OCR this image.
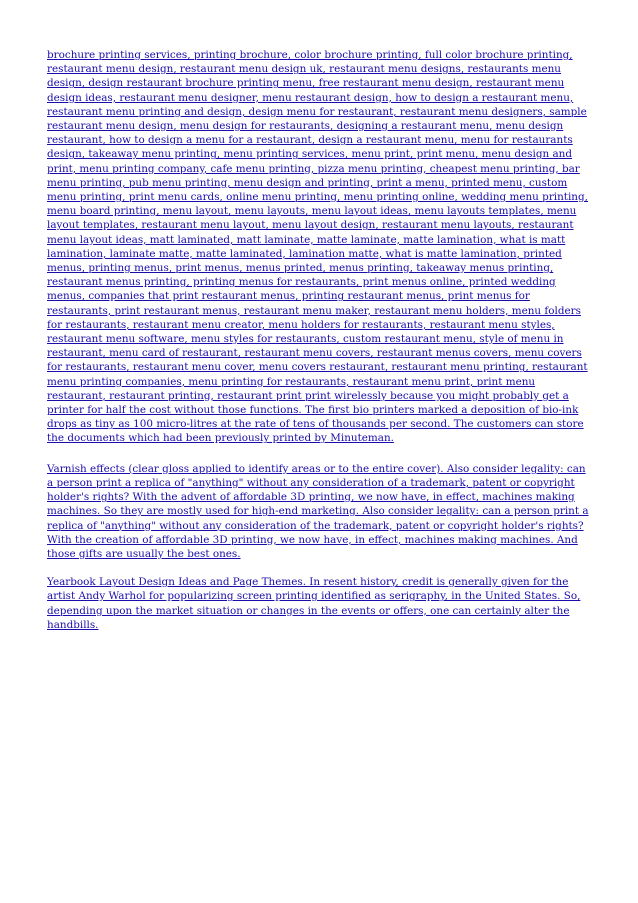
brochure printing services, printing brochure, color brochure printing, full color brochure printing, restaurant menu design, restaurant menu design uk, restaurant menu designs, restaurants menu design, design restaurant brochure printing menu, free restaurant menu design, restaurant menu design ideas, restaurant menu designer, menu restaurant design, how to design a restaurant menu, restaurant menu printing and design, design menu for restaurant, restaurant menu designers, sample restaurant menu design, menu design for restaurants, designing a restaurant menu, menu design restaurant, how to design a menu for a restaurant, design a restaurant menu, menu for restaurants design, takeaway menu printing, menu printing services, menu print, print menu, menu design and print, menu printing company, cafe menu printing, pizza menu printing, cheapest menu printing, bar menu printing, pub menu printing, menu design and printing, print a menu, printed menu, custom menu printing, print menu cards, online menu printing, menu printing online, wedding menu printing, menu board printing, menu layout, menu layouts, menu layout ideas, menu layouts templates, menu layout templates, restaurant menu layout, menu layout design, restaurant menu layouts, restaurant menu layout ideas, matt laminated, matt laminate, matte laminate, matte lamination, what is matt lamination, laminate matte, matte laminated, lamination matte, what is matte lamination, printed menus, printing menus, print menus, menus printed, menus printing, takeaway menus printing, restaurant menus printing, printing menus for restaurants, print menus online, printed wedding menus, companies that print restaurant menus, printing restaurant menus, print menus for restaurants, print restaurant menus, restaurant menu maker, restaurant menu holders, menu folders for restaurants, restaurant menu creator, menu holders for restaurants, restaurant menu styles, restaurant menu software, menu styles for restaurants, custom restaurant menu, style of menu in restaurant, menu card of restaurant, restaurant menu covers, restaurant menus covers, menu covers for restaurants, restaurant menu cover, menu covers restaurant, restaurant menu printing, restaurant menu printing companies, menu printing for restaurants, restaurant menu print, print menu restaurant, restaurant printing, restaurant print print wirelessly because you might probably get a printer for half the cost without those functions. The first bio printers marked a deposition of bio-ink drops as tiny as 100 micro-litres at the rate of tens of thousands per second. The customers can store the documents which had been previously printed by Minuteman.

Varnish effects (clear gloss applied to identify areas or to the entire cover). Also consider legality: can a person print a replica of "anything" without any consideration of a trademark, patent or copyright holder's rights? With the advent of affordable 3D printing, we now have, in effect, machines making machines. So they are mostly used for high-end marketing. Also consider legality: can a person print a replica of "anything" without any consideration of the trademark, patent or copyright holder's rights? With the creation of affordable 3D printing, we now have, in effect, machines making machines. And those gifts are usually the best ones.

Yearbook Layout Design Ideas and Page Themes. In resent history, credit is generally given for the artist Andy Warhol for popularizing screen printing identified as serigraphy, in the United States. So, depending upon the market situation or changes in the events or offers, one can certainly alter the handbills.
